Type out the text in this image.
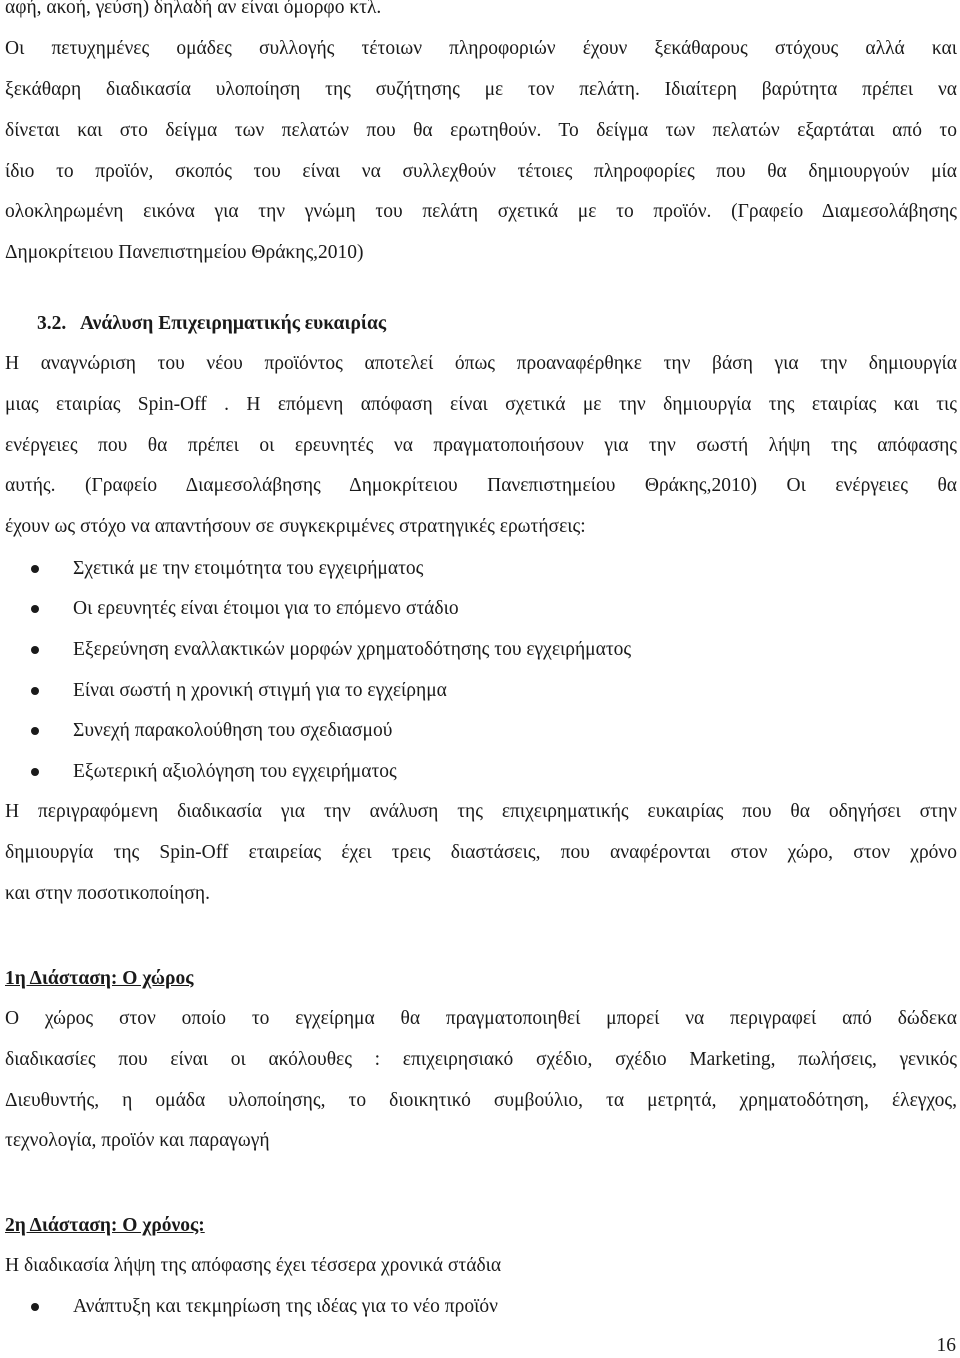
αφή, ακοή, γεύση) δηλαδή αν είναι όμορφο κτλ.
Οι πετυχημένες ομάδες συλλογής τέτοιων πληροφοριών έχουν ξεκάθαρους στόχους αλλά και
ξεκάθαρη διαδικασία υλοποίηση της συζήτησης με τον πελάτη. Ιδιαίτερη βαρύτητα πρέπει να
δίνεται και στο δείγμα των πελατών που θα ερωτηθούν. Το δείγμα των πελατών εξαρτάται από το
ίδιο το προϊόν, σκοπός του είναι να συλλεχθούν τέτοιες πληροφορίες που θα δημιουργούν μία
ολοκληρωμένη εικόνα για την γνώμη του πελάτη σχετικά με το προϊόν. (Γραφείο Διαμεσολάβησης
Δημοκρίτειου Πανεπιστημείου Θράκης,2010)
3.2. Ανάλυση Επιχειρηματικής ευκαιρίας
Η αναγνώριση του νέου προϊόντος αποτελεί όπως προαναφέρθηκε την βάση για την δημιουργία
μιας εταιρίας Spin-Off . Η επόμενη απόφαση είναι σχετικά με την δημιουργία της εταιρίας και τις
ενέργειες που θα πρέπει οι ερευνητές να πραγματοποιήσουν για την σωστή λήψη της απόφασης
αυτής. (Γραφείο Διαμεσολάβησης Δημοκρίτειου Πανεπιστημείου Θράκης,2010) Οι ενέργειες θα
έχουν ως στόχο να απαντήσουν σε συγκεκριμένες στρατηγικές ερωτήσεις:
Σχετικά με την ετοιμότητα του εγχειρήματος
Οι ερευνητές είναι έτοιμοι για το επόμενο στάδιο
Εξερεύνηση εναλλακτικών μορφών χρηματοδότησης του εγχειρήματος
Είναι σωστή η χρονική στιγμή για το εγχείρημα
Συνεχή παρακολούθηση του σχεδιασμού
Εξωτερική αξιολόγηση του εγχειρήματος
Η περιγραφόμενη διαδικασία για την ανάλυση της επιχειρηματικής ευκαιρίας που θα οδηγήσει στην
δημιουργία της Spin-Off εταιρείας έχει τρεις διαστάσεις, που αναφέρονται στον χώρο, στον χρόνο
και στην ποσοτικοποίηση.
1η Διάσταση: Ο χώρος
Ο χώρος στον οποίο το εγχείρημα θα πραγματοποιηθεί μπορεί να περιγραφεί από δώδεκα
διαδικασίες που είναι οι ακόλουθες : επιχειρησιακό σχέδιο, σχέδιο Marketing, πωλήσεις, γενικός
Διευθυντής, η ομάδα υλοποίησης, το διοικητικό συμβούλιο, τα μετρητά, χρηματοδότηση, έλεγχος,
τεχνολογία, προϊόν και παραγωγή
2η Διάσταση: Ο χρόνος:
Η διαδικασία λήψη της απόφασης έχει τέσσερα χρονικά στάδια
Ανάπτυξη και τεκμηρίωση της ιδέας για το νέο προϊόν
16
